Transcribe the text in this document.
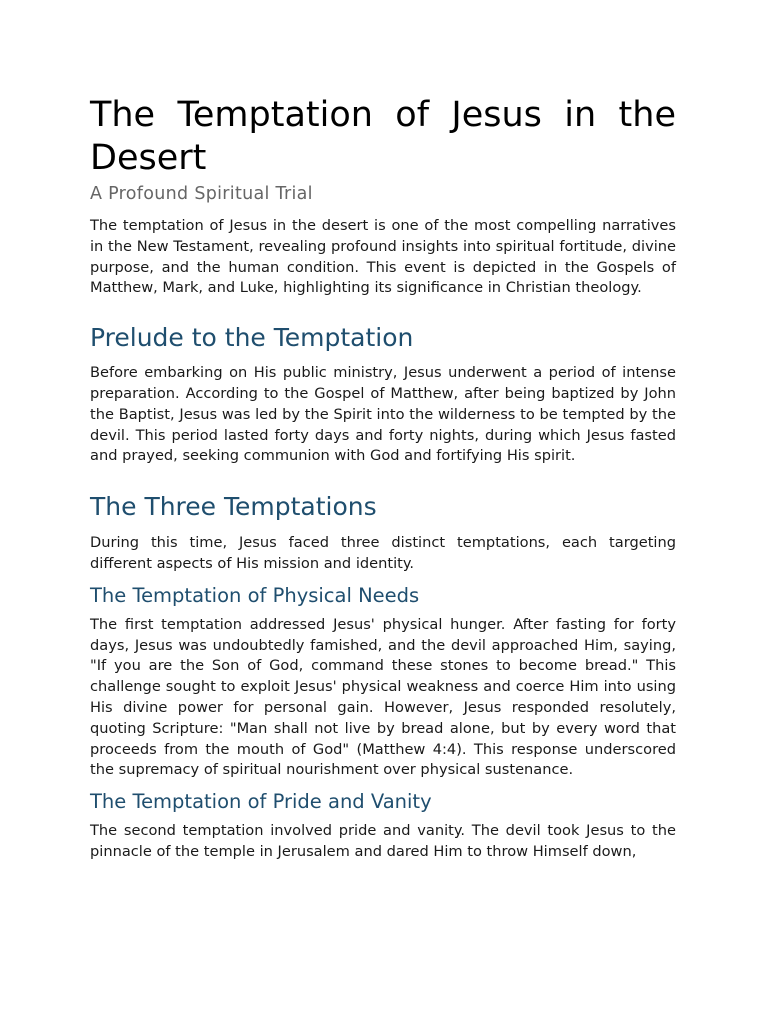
The Temptation of Jesus in the Desert
A Profound Spiritual Trial

The temptation of Jesus in the desert is one of the most compelling narratives in the New Testament, revealing profound insights into spiritual fortitude, divine purpose, and the human condition. This event is depicted in the Gospels of Matthew, Mark, and Luke, highlighting its significance in Christian theology.

Prelude to the Temptation

Before embarking on His public ministry, Jesus underwent a period of intense preparation. According to the Gospel of Matthew, after being baptized by John the Baptist, Jesus was led by the Spirit into the wilderness to be tempted by the devil. This period lasted forty days and forty nights, during which Jesus fasted and prayed, seeking communion with God and fortifying His spirit.

The Three Temptations

During this time, Jesus faced three distinct temptations, each targeting different aspects of His mission and identity.

The Temptation of Physical Needs

The first temptation addressed Jesus' physical hunger. After fasting for forty days, Jesus was undoubtedly famished, and the devil approached Him, saying, "If you are the Son of God, command these stones to become bread." This challenge sought to exploit Jesus' physical weakness and coerce Him into using His divine power for personal gain. However, Jesus responded resolutely, quoting Scripture: "Man shall not live by bread alone, but by every word that proceeds from the mouth of God" (Matthew 4:4). This response underscored the supremacy of spiritual nourishment over physical sustenance.

The Temptation of Pride and Vanity

The second temptation involved pride and vanity. The devil took Jesus to the pinnacle of the temple in Jerusalem and dared Him to throw Himself down,
